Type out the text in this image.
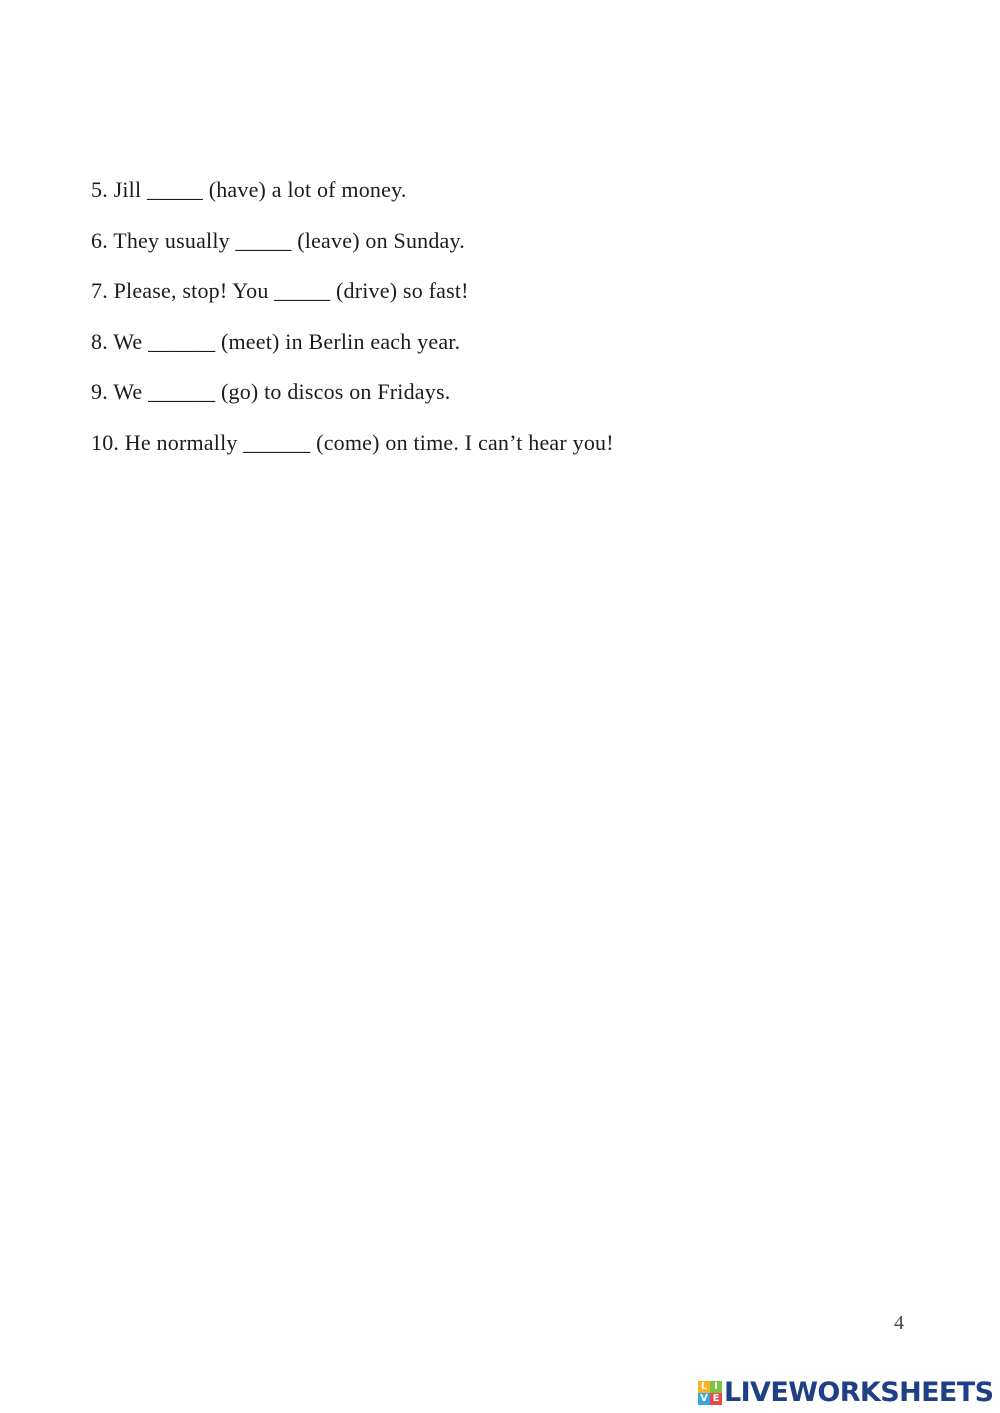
5. Jill _____ (have) a lot of money.
6. They usually _____ (leave) on Sunday.
7. Please, stop! You _____ (drive) so fast!
8. We ______ (meet) in Berlin each year.
9. We ______ (go) to discos on Fridays.
10. He normally ______ (come) on time. I can’t hear you!
4
L I
V E LIVEWORKSHEETS
